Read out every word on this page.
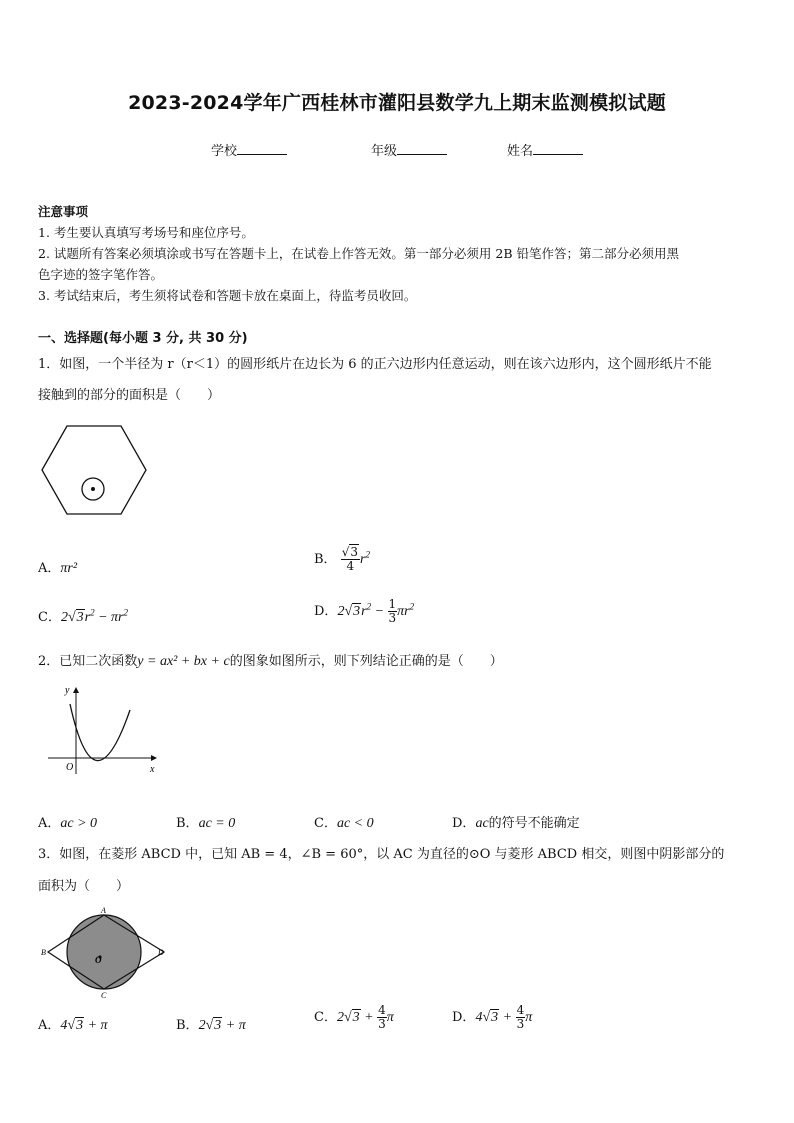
2023-2024学年广西桂林市灌阳县数学九上期末监测模拟试题
学校	年级	姓名
注意事项
1. 考生要认真填写考场号和座位序号。
2. 试题所有答案必须填涂或书写在答题卡上，在试卷上作答无效。第一部分必须用 2B 铅笔作答；第二部分必须用黑
色字迹的签字笔作答。
3. 考试结束后，考生须将试卷和答题卡放在桌面上，待监考员收回。
一、选择题(每小题 3 分, 共 30 分)
1．如图，一个半径为 r（r＜1）的圆形纸片在边长为 6 的正六边形内任意运动，则在该六边形内，这个圆形纸片不能
接触到的部分的面积是（　　）
A．πr²
B． $\frac{√3}{4} r^2$
C．$2√3r^2 - \pi r^2$	D．$2√3r^2 - \frac{1}{3} \pi r^2$
2．已知二次函数y = ax² + bx + c的图象如图所示，则下列结论正确的是（　　）
y
x
O
A．ac > 0	B．ac = 0	C．ac < 0	D．ac的符号不能确定
3．如图，在菱形 ABCD 中，已知 AB = 4，∠B = 60°，以 AC 为直径的⊙O 与菱形 ABCD 相交，则图中阴影部分的
面积为（　　）
A
B
C
D
O
A．4√3 + π	B．2√3 + π
C．$2√3 + \frac{4}{3}$ π	D．$4√3 + \frac{4}{3}$ π
